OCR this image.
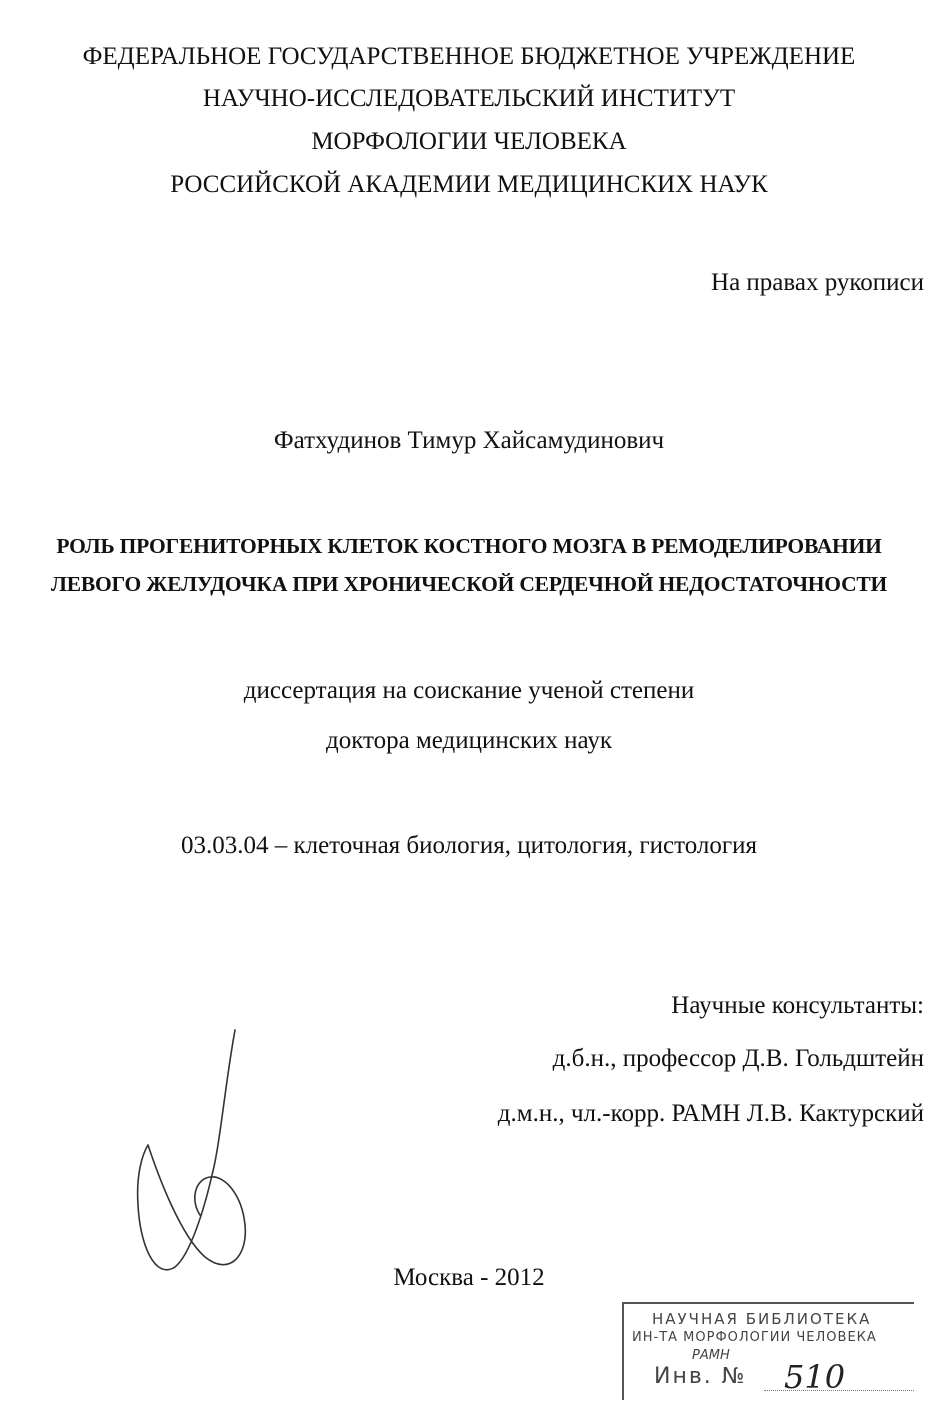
ФЕДЕРАЛЬНОЕ ГОСУДАРСТВЕННОЕ БЮДЖЕТНОЕ УЧРЕЖДЕНИЕ
НАУЧНО-ИССЛЕДОВАТЕЛЬСКИЙ ИНСТИТУТ
МОРФОЛОГИИ ЧЕЛОВЕКА
РОССИЙСКОЙ АКАДЕМИИ МЕДИЦИНСКИХ НАУК
На правах рукописи
Фатхудинов Тимур Хайсамудинович
РОЛЬ ПРОГЕНИТОРНЫХ КЛЕТОК КОСТНОГО МОЗГА В РЕМОДЕЛИРОВАНИИ
ЛЕВОГО ЖЕЛУДОЧКА ПРИ ХРОНИЧЕСКОЙ СЕРДЕЧНОЙ НЕДОСТАТОЧНОСТИ
диссертация на соискание ученой степени
доктора медицинских наук
03.03.04 – клеточная биология, цитология, гистология
Научные консультанты:
д.б.н., профессор Д.В. Гольдштейн
д.м.н., чл.-корр. РАМН Л.В. Кактурский
Москва - 2012
НАУЧНАЯ БИБЛИОТЕКА
ИН-ТА МОРФОЛОГИИ ЧЕЛОВЕКА
РАМН
Инв. № 510
